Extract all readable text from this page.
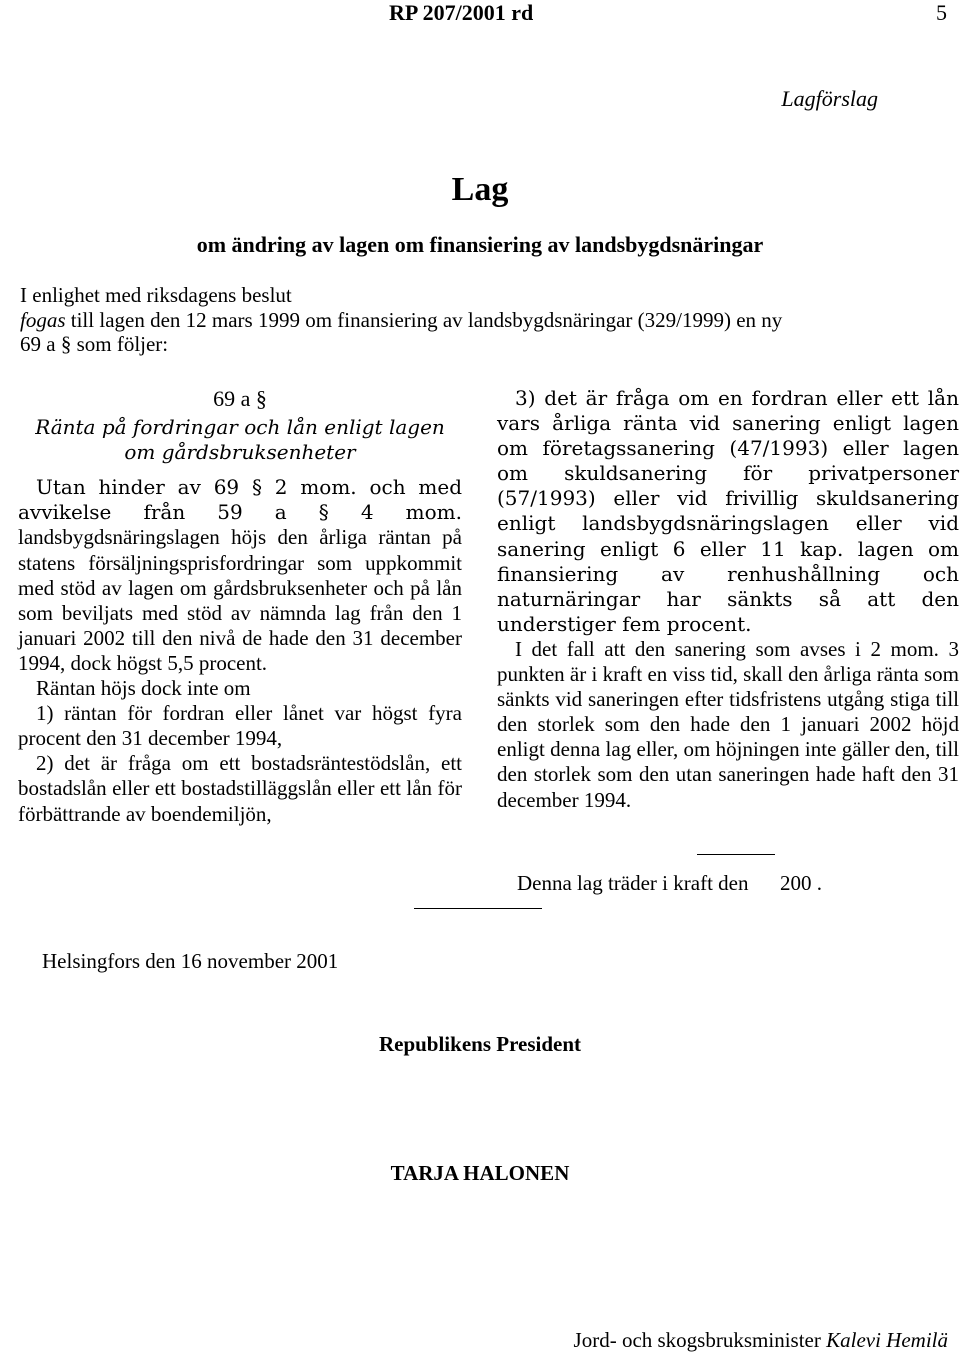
RP 207/2001 rd	5
Lagförslag
Lag
om ändring av lagen om finansiering av landsbygdsnäringar

I enlighet med riksdagens beslut

fogas till lagen den 12 mars 1999 om finansiering av landsbygdsnäringar (329/1999) en ny

69 a § som följer:

69 a §

Ränta på fordringar och lån enligt lagen om gårdsbruksenheter

Utan hinder av 69 § 2 mom. och med avvikelse från 59 a § 4 mom. landsbygdsnäringslagen höjs den årliga räntan på statens försäljningsprisfordringar som uppkommit med stöd av lagen om gårdsbruksenheter och på lån som beviljats med stöd av nämnda lag från den 1 januari 2002 till den nivå de hade den 31 december 1994, dock högst 5,5 procent.

Räntan höjs dock inte om

1) räntan för fordran eller lånet var högst fyra procent den 31 december 1994,

2) det är fråga om ett bostadsräntestödslån, ett bostadslån eller ett bostadstilläggslån eller ett lån för förbättrande av boendemiljön,

3) det är fråga om en fordran eller ett lån vars årliga ränta vid sanering enligt lagen om företagssanering (47/1993) eller lagen om skuldsanering för privatpersoner (57/1993) eller vid frivillig skuldsanering enligt landsbygdsnäringslagen eller vid sanering enligt 6 eller 11 kap. lagen om finansiering av renhushållning och naturnäringar har sänkts så att den understiger fem procent.

I det fall att den sanering som avses i 2 mom. 3 punkten är i kraft en viss tid, skall den årliga ränta som sänkts vid saneringen efter tidsfristens utgång stiga till den storlek som den hade den 1 januari 2002 höjd enligt denna lag eller, om höjningen inte gäller den, till den storlek som den utan saneringen hade haft den 31 december 1994.

Denna lag träder i kraft den      200 .
Helsingfors den 16 november 2001
Republikens President
TARJA HALONEN
Jord- och skogsbruksminister Kalevi Hemilä
